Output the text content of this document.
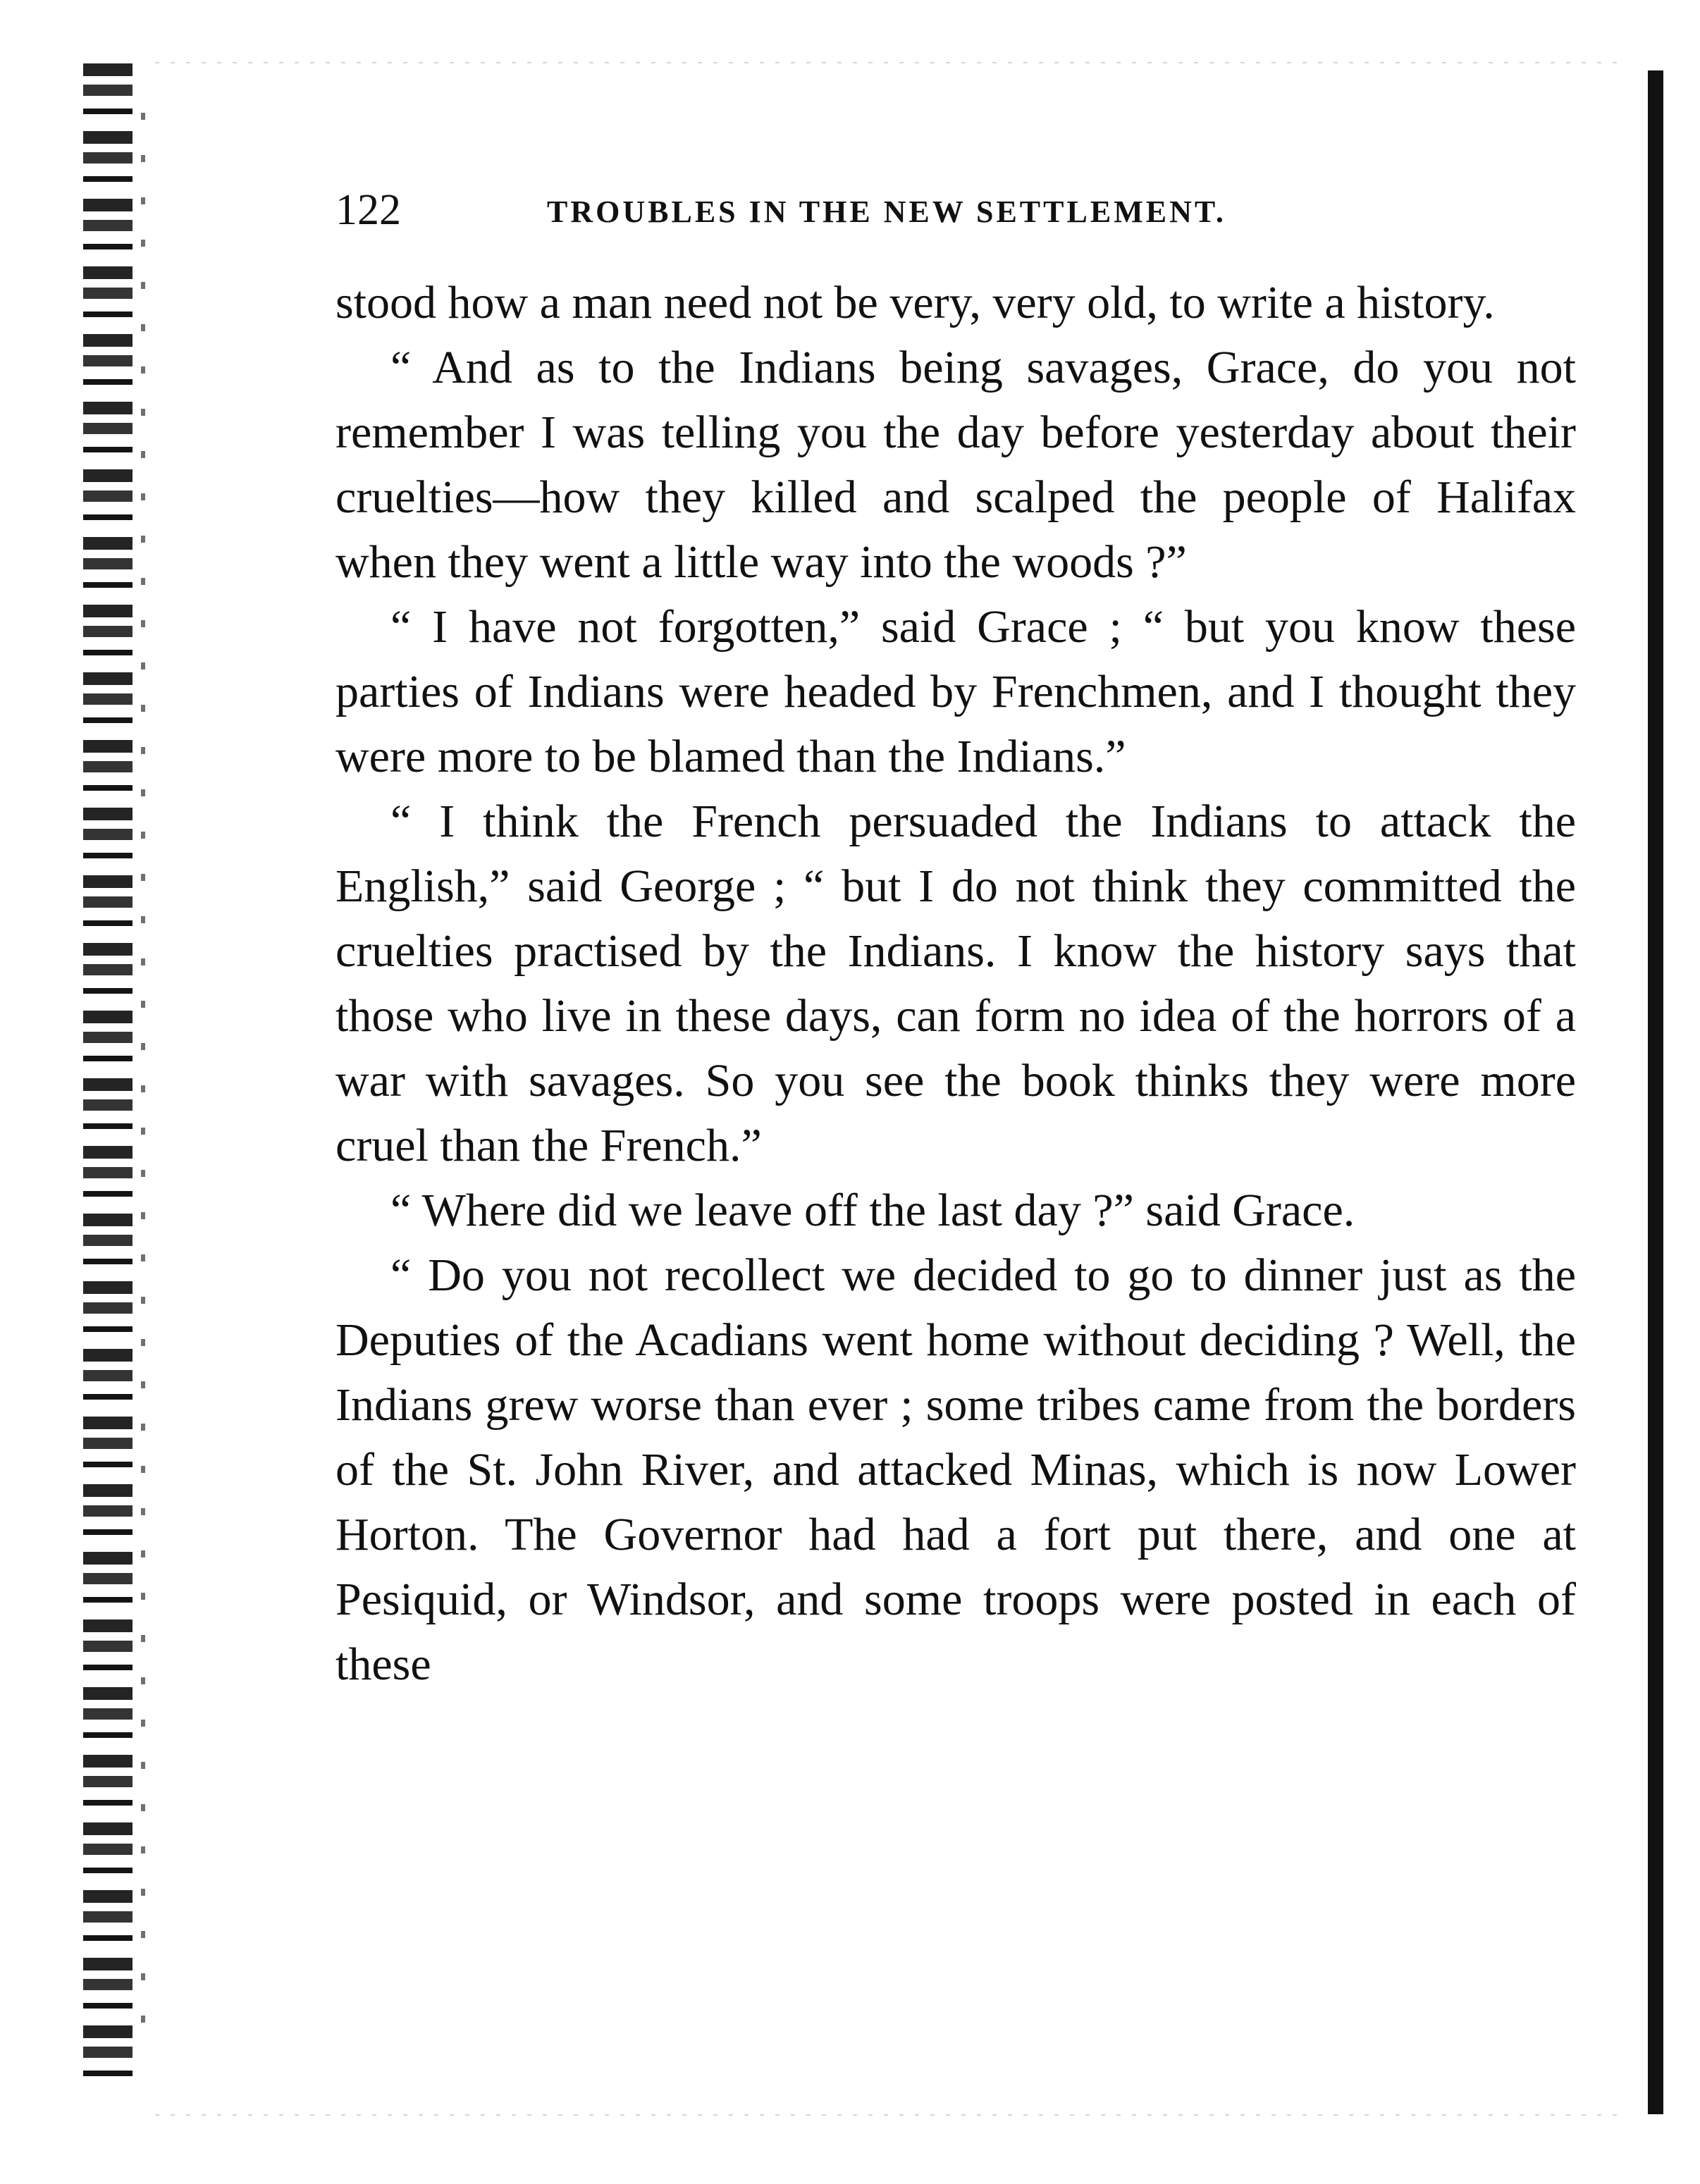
122	TROUBLES IN THE NEW SETTLEMENT.

stood how a man need not be very, very old, to write a history.

“ And as to the Indians being savages, Grace, do you not remember I was telling you the day before yesterday about their cruelties—how they killed and scalped the people of Halifax when they went a little way into the woods ?”

“ I have not forgotten,” said Grace ; “ but you know these parties of Indians were headed by Frenchmen, and I thought they were more to be blamed than the Indians.”

“ I think the French persuaded the Indians to attack the English,” said George ; “ but I do not think they committed the cruelties practised by the Indians. I know the history says that those who live in these days, can form no idea of the horrors of a war with savages. So you see the book thinks they were more cruel than the French.”

“ Where did we leave off the last day ?” said Grace.

“ Do you not recollect we decided to go to dinner just as the Deputies of the Acadians went home without deciding ? Well, the Indians grew worse than ever ; some tribes came from the borders of the St. John River, and attacked Minas, which is now Lower Horton. The Governor had had a fort put there, and one at Pesiquid, or Windsor, and some troops were posted in each of these
